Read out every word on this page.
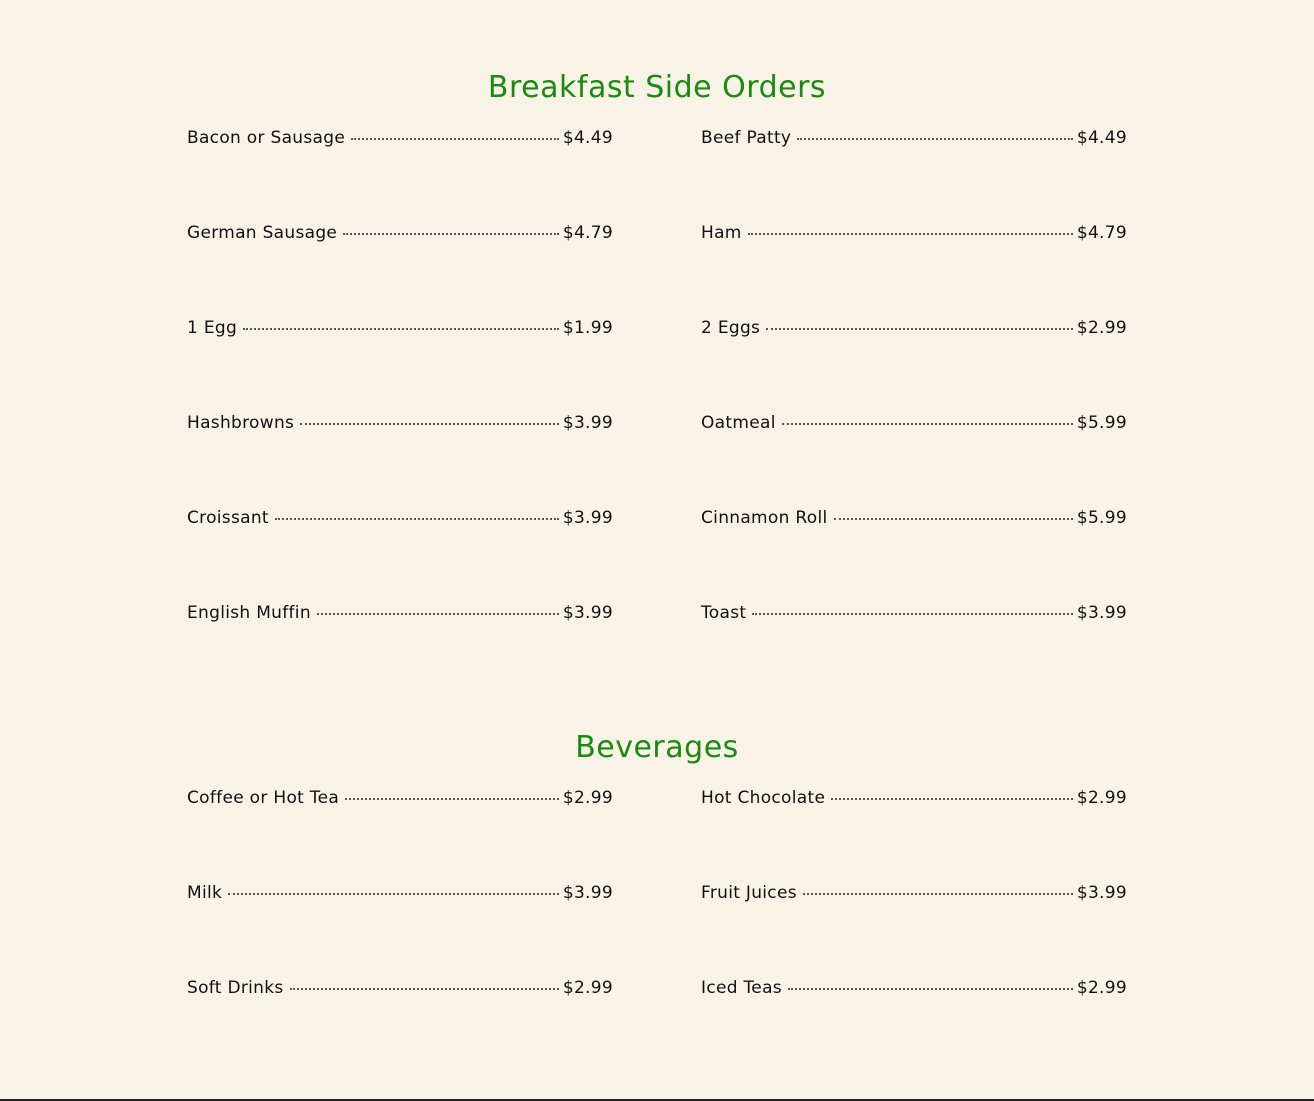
Breakfast Side Orders
Bacon or Sausage	$4.49	Beef Patty	$4.49
German Sausage	$4.79	Ham	$4.79
1 Egg	$1.99	2 Eggs	$2.99
Hashbrowns	$3.99	Oatmeal	$5.99
Croissant	$3.99	Cinnamon Roll	$5.99
English Muffin	$3.99	Toast	$3.99
Beverages
Coffee or Hot Tea	$2.99	Hot Chocolate	$2.99
Milk	$3.99	Fruit Juices	$3.99
Soft Drinks	$2.99	Iced Teas	$2.99
